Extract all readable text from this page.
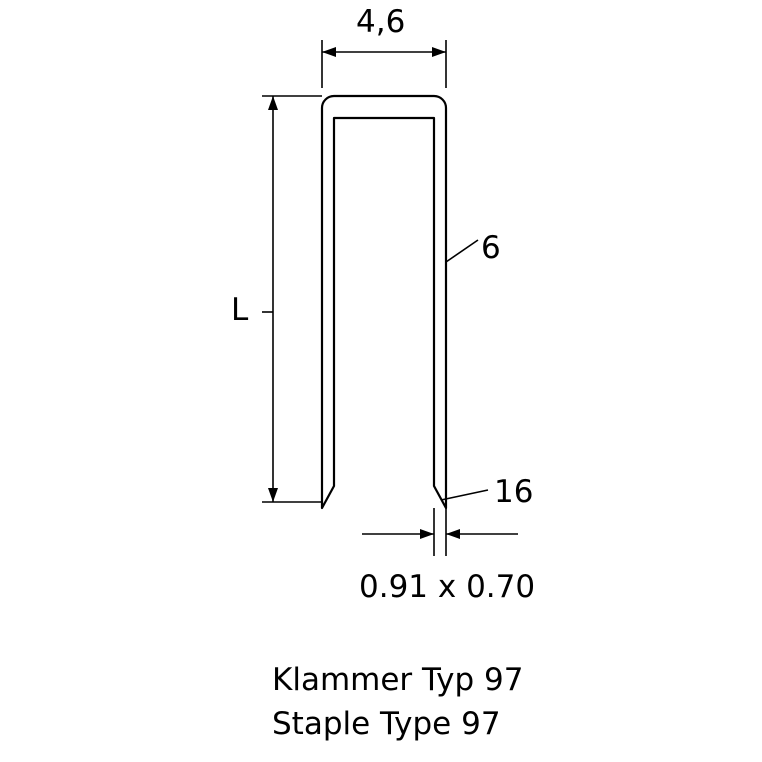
4,6
6
L
16
0.91 x 0.70
Klammer Typ 97
Staple Type 97
